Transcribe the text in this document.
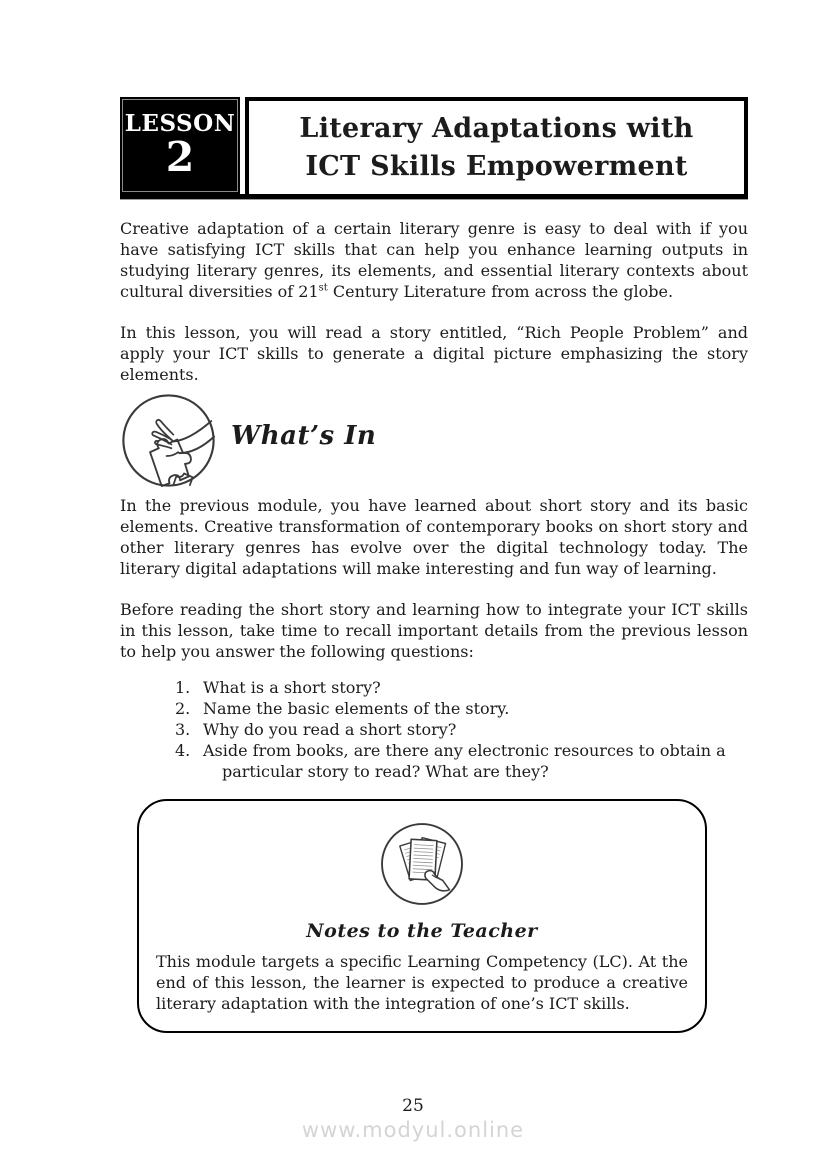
LESSON
2
Literary Adaptations with
ICT Skills Empowerment

Creative adaptation of a certain literary genre is easy to deal with if you have satisfying ICT skills that can help you enhance learning outputs in studying literary genres, its elements, and essential literary contexts about cultural diversities of 21st Century Literature from across the globe.

In this lesson, you will read a story entitled, “Rich People Problem” and apply your ICT skills to generate a digital picture emphasizing the story elements.

What’s In

In the previous module, you have learned about short story and its basic elements. Creative transformation of contemporary books on short story and other literary genres has evolve over the digital technology today. The literary digital adaptations will make interesting and fun way of learning.

Before reading the short story and learning how to integrate your ICT skills in this lesson, take time to recall important details from the previous lesson to help you answer the following questions:

1. What is a short story?
2. Name the basic elements of the story.
3. Why do you read a short story?
4. Aside from books, are there any electronic resources to obtain a particular story to read? What are they?
Notes to the Teacher
This module targets a specific Learning Competency (LC). At the end of this lesson, the learner is expected to produce a creative literary adaptation with the integration of one’s ICT skills.
25
www.modyul.online
